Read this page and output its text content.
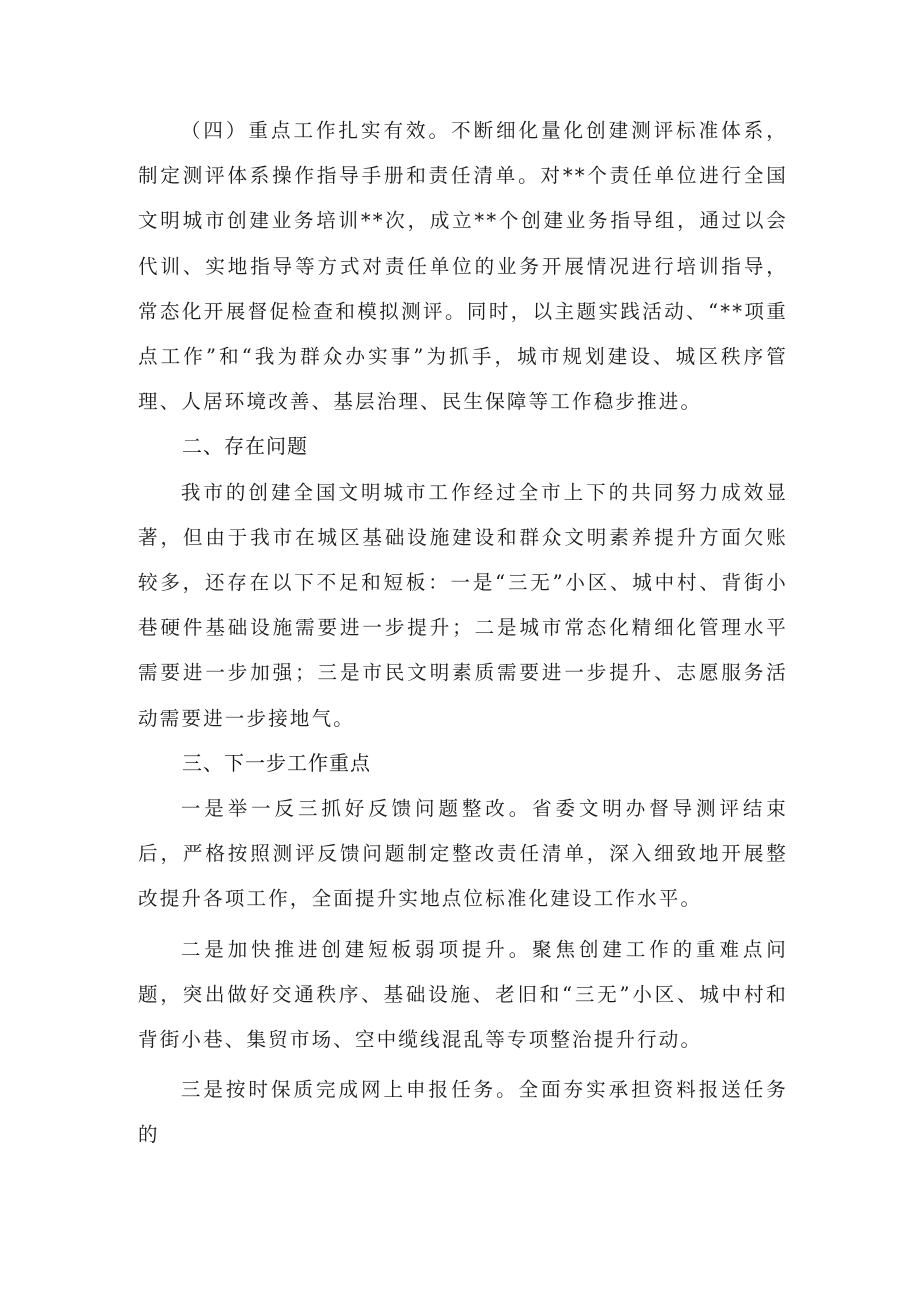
（四）重点工作扎实有效。不断细化量化创建测评标准体系，制定测评体系操作指导手册和责任清单。对**个责任单位进行全国文明城市创建业务培训**次，成立**个创建业务指导组，通过以会代训、实地指导等方式对责任单位的业务开展情况进行培训指导，常态化开展督促检查和模拟测评。同时，以主题实践活动、“**项重点工作”和“我为群众办实事”为抓手，城市规划建设、城区秩序管理、人居环境改善、基层治理、民生保障等工作稳步推进。

二、存在问题

我市的创建全国文明城市工作经过全市上下的共同努力成效显著，但由于我市在城区基础设施建设和群众文明素养提升方面欠账较多，还存在以下不足和短板：一是“三无”小区、城中村、背街小巷硬件基础设施需要进一步提升；二是城市常态化精细化管理水平需要进一步加强；三是市民文明素质需要进一步提升、志愿服务活动需要进一步接地气。

三、下一步工作重点

一是举一反三抓好反馈问题整改。省委文明办督导测评结束后，严格按照测评反馈问题制定整改责任清单，深入细致地开展整改提升各项工作，全面提升实地点位标准化建设工作水平。

二是加快推进创建短板弱项提升。聚焦创建工作的重难点问题，突出做好交通秩序、基础设施、老旧和“三无”小区、城中村和背街小巷、集贸市场、空中缆线混乱等专项整治提升行动。

三是按时保质完成网上申报任务。全面夯实承担资料报送任务的
